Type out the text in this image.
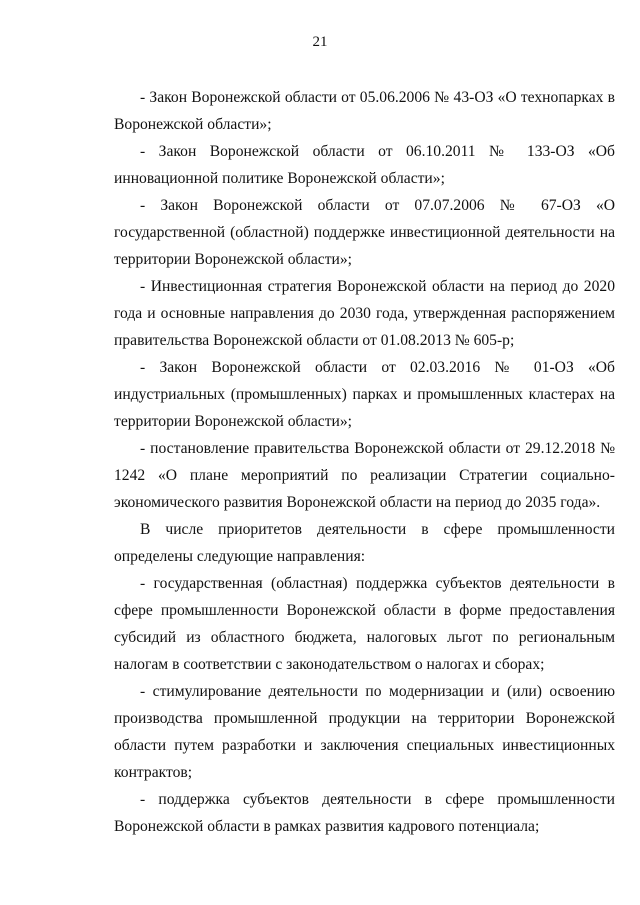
21

- Закон Воронежской области от 05.06.2006 № 43-ОЗ «О технопарках в Воронежской области»;

- Закон Воронежской области от 06.10.2011 № 133-ОЗ «Об инновационной политике Воронежской области»;

- Закон Воронежской области от 07.07.2006 № 67-ОЗ «О государственной (областной) поддержке инвестиционной деятельности на территории Воронежской области»;

- Инвестиционная стратегия Воронежской области на период до 2020 года и основные направления до 2030 года, утвержденная распоряжением правительства Воронежской области от 01.08.2013 № 605-р;

- Закон Воронежской области от 02.03.2016 № 01-ОЗ «Об индустриальных (промышленных) парках и промышленных кластерах на территории Воронежской области»;

- постановление правительства Воронежской области от 29.12.2018 № 1242 «О плане мероприятий по реализации Стратегии социально-экономического развития Воронежской области на период до 2035 года».

В числе приоритетов деятельности в сфере промышленности определены следующие направления:

- государственная (областная) поддержка субъектов деятельности в сфере промышленности Воронежской области в форме предоставления субсидий из областного бюджета, налоговых льгот по региональным налогам в соответствии с законодательством о налогах и сборах;

- стимулирование деятельности по модернизации и (или) освоению производства промышленной продукции на территории Воронежской области путем разработки и заключения специальных инвестиционных контрактов;

- поддержка субъектов деятельности в сфере промышленности Воронежской области в рамках развития кадрового потенциала;
